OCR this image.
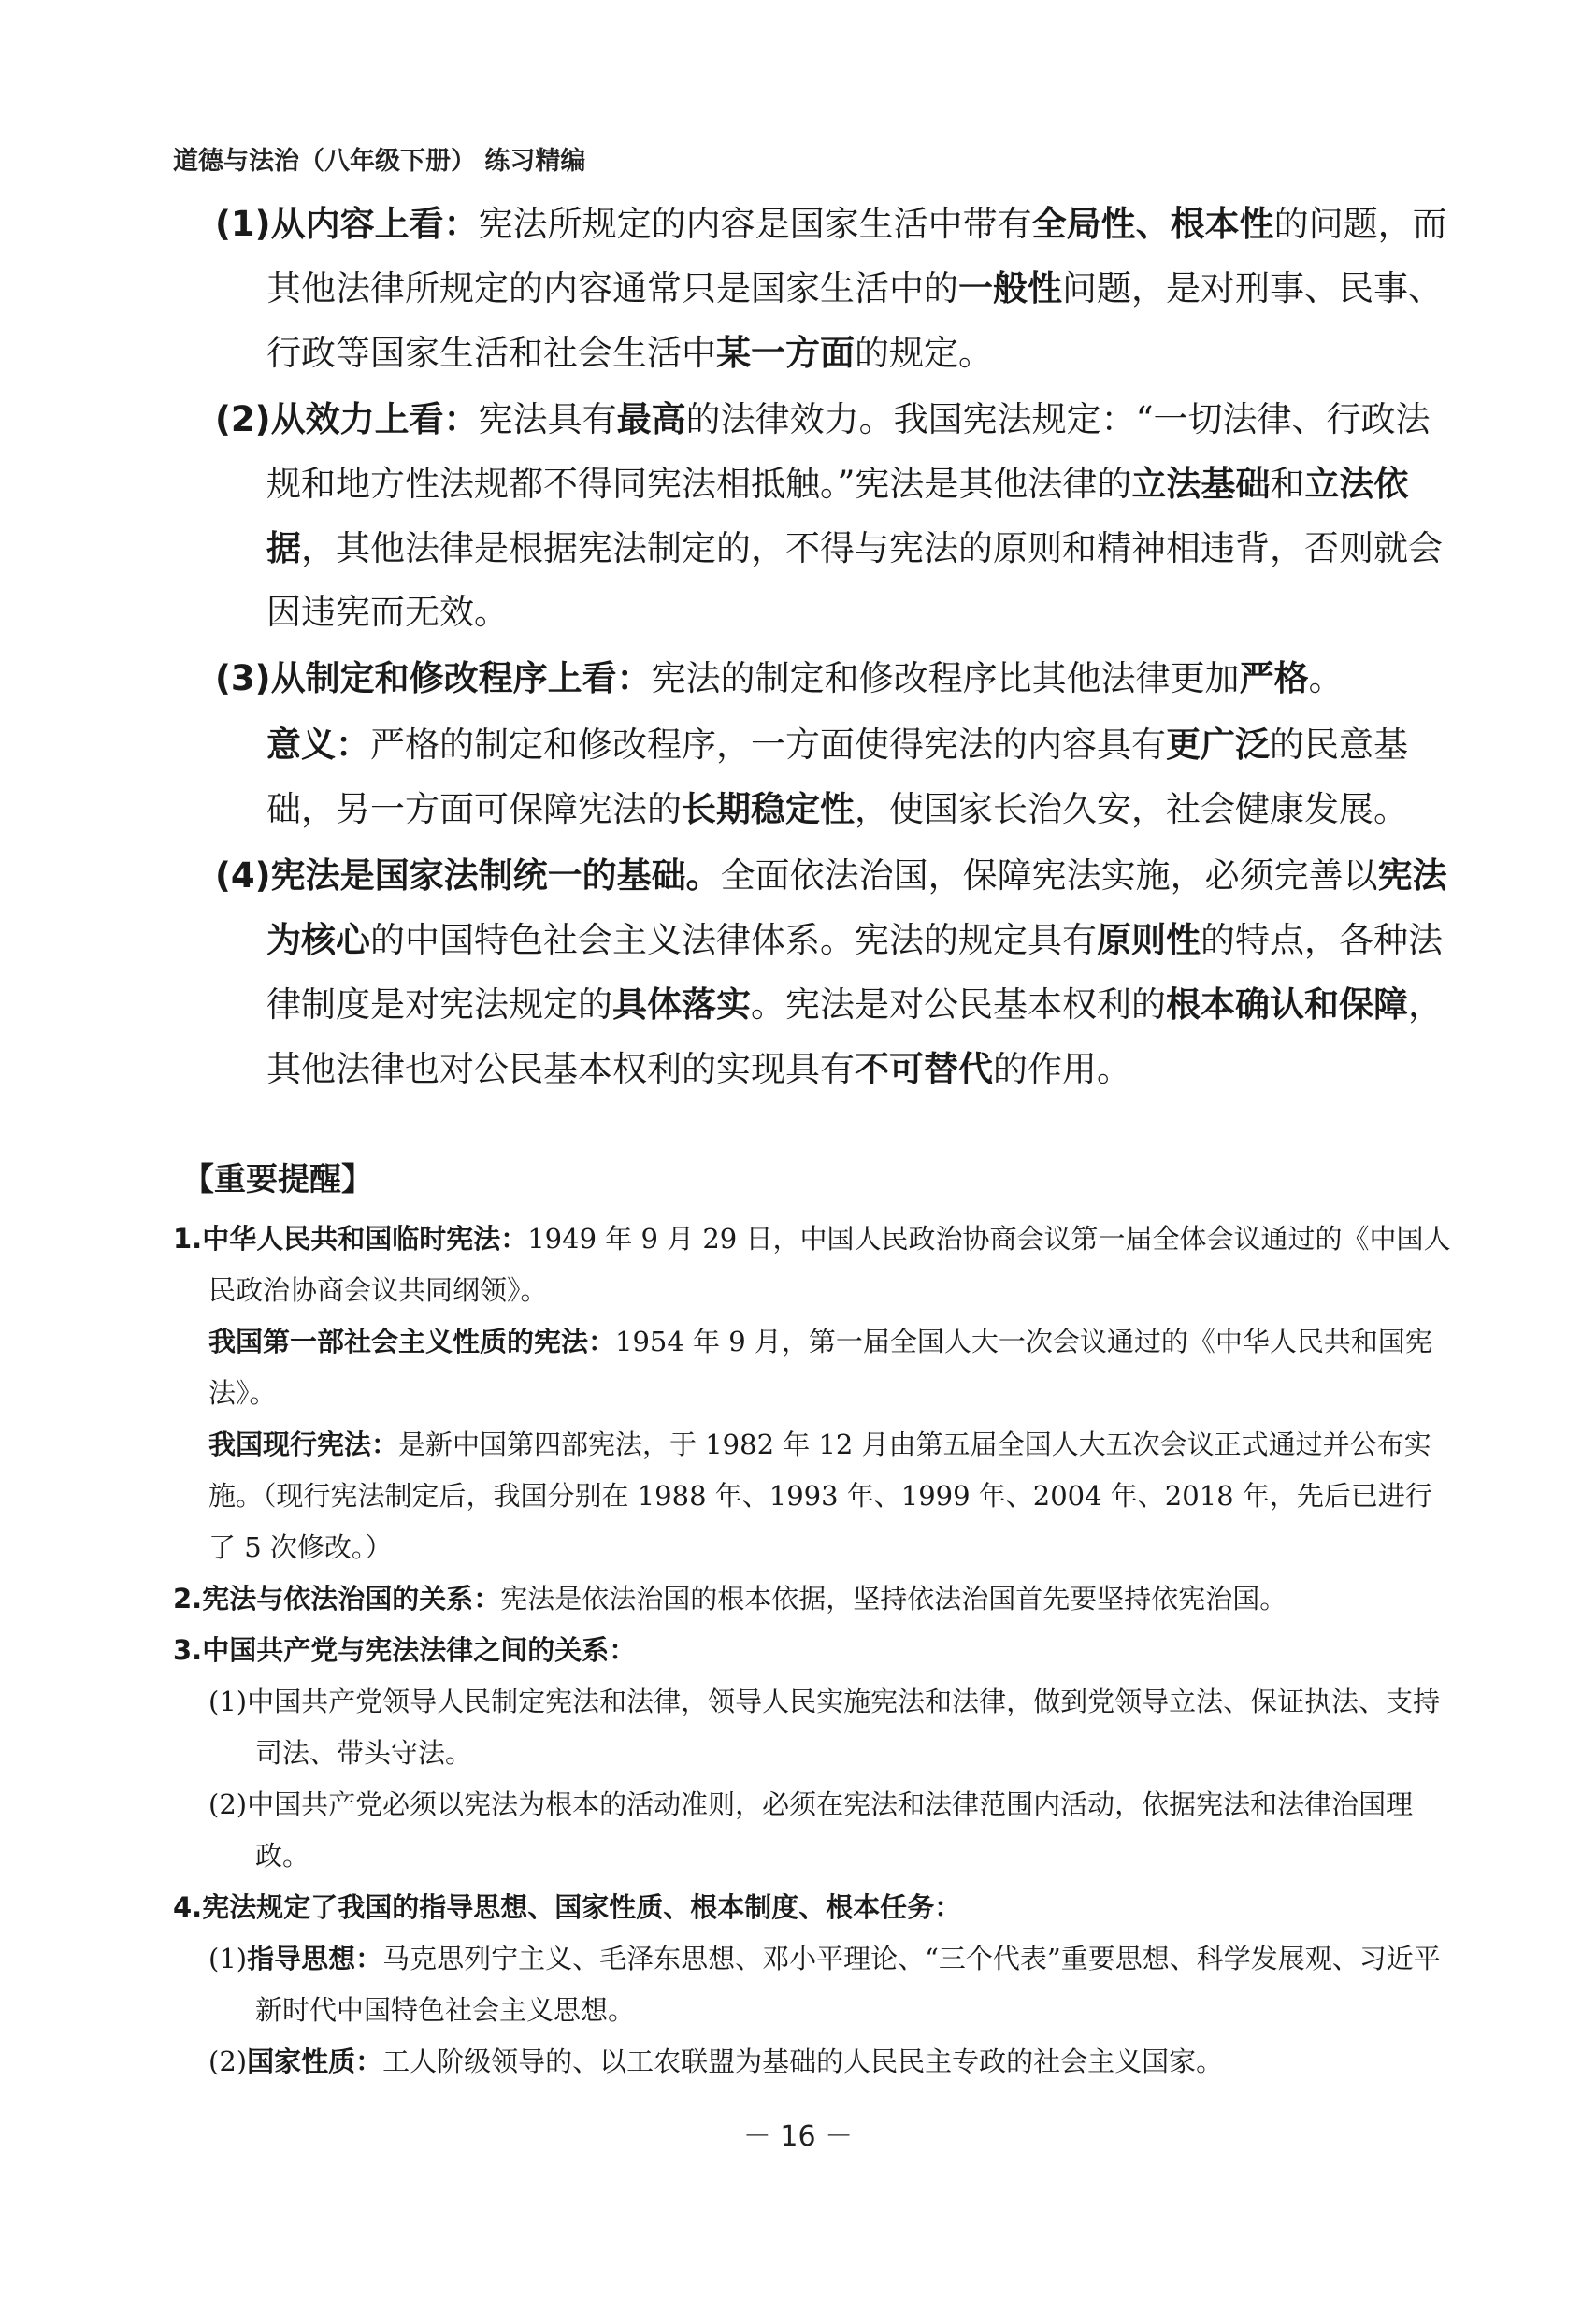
道德与法治（八年级下册） 练习精编

(1)从内容上看：宪法所规定的内容是国家生活中带有全局性、根本性的问题，而其他法律所规定的内容通常只是国家生活中的一般性问题，是对刑事、民事、行政等国家生活和社会生活中某一方面的规定。

(2)从效力上看：宪法具有最高的法律效力。我国宪法规定：“一切法律、行政法规和地方性法规都不得同宪法相抵触。”宪法是其他法律的立法基础和立法依据，其他法律是根据宪法制定的，不得与宪法的原则和精神相违背，否则就会因违宪而无效。

(3)从制定和修改程序上看：宪法的制定和修改程序比其他法律更加严格。

意义：严格的制定和修改程序，一方面使得宪法的内容具有更广泛的民意基础，另一方面可保障宪法的长期稳定性，使国家长治久安，社会健康发展。

(4)宪法是国家法制统一的基础。全面依法治国，保障宪法实施，必须完善以宪法为核心的中国特色社会主义法律体系。宪法的规定具有原则性的特点，各种法律制度是对宪法规定的具体落实。宪法是对公民基本权利的根本确认和保障，其他法律也对公民基本权利的实现具有不可替代的作用。

【重要提醒】

1.中华人民共和国临时宪法：1949 年 9 月 29 日，中国人民政治协商会议第一届全体会议通过的《中国人民政治协商会议共同纲领》。

我国第一部社会主义性质的宪法：1954 年 9 月，第一届全国人大一次会议通过的《中华人民共和国宪法》。

我国现行宪法：是新中国第四部宪法，于 1982 年 12 月由第五届全国人大五次会议正式通过并公布实施。（现行宪法制定后，我国分别在 1988 年、1993 年、1999 年、2004 年、2018 年，先后已进行了 5 次修改。）

2.宪法与依法治国的关系：宪法是依法治国的根本依据，坚持依法治国首先要坚持依宪治国。

3.中国共产党与宪法法律之间的关系：

(1)中国共产党领导人民制定宪法和法律，领导人民实施宪法和法律，做到党领导立法、保证执法、支持司法、带头守法。

(2)中国共产党必须以宪法为根本的活动准则，必须在宪法和法律范围内活动，依据宪法和法律治国理政。

4.宪法规定了我国的指导思想、国家性质、根本制度、根本任务：

(1)指导思想：马克思列宁主义、毛泽东思想、邓小平理论、“三个代表”重要思想、科学发展观、习近平新时代中国特色社会主义思想。

(2)国家性质：工人阶级领导的、以工农联盟为基础的人民民主专政的社会主义国家。

－ 16 －
